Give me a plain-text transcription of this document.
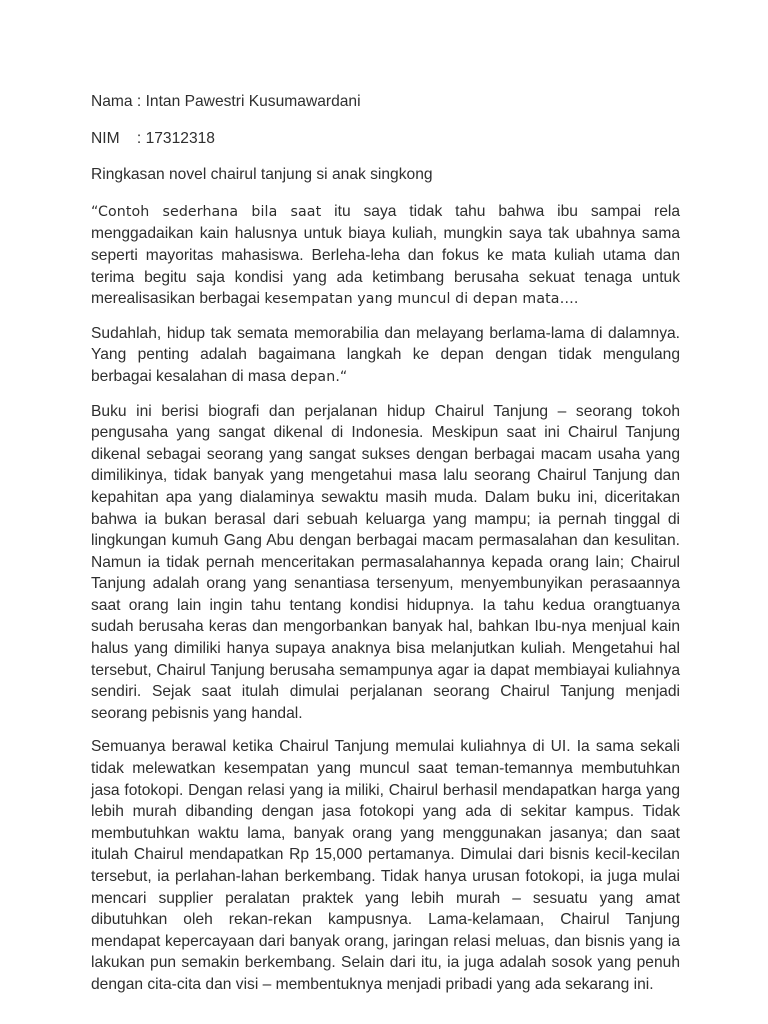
Nama : Intan Pawestri Kusumawardani
NIM    : 17312318
Ringkasan novel chairul tanjung si anak singkong

“Contoh sederhana bila saat itu saya tidak tahu bahwa ibu sampai rela menggadaikan kain halusnya untuk biaya kuliah, mungkin saya tak ubahnya sama seperti mayoritas mahasiswa. Berleha-leha dan fokus ke mata kuliah utama dan terima begitu saja kondisi yang ada ketimbang berusaha sekuat tenaga untuk merealisasikan berbagai kesempatan yang muncul di depan mata….

Sudahlah, hidup tak semata memorabilia dan melayang berlama-lama di dalamnya. Yang penting adalah bagaimana langkah ke depan dengan tidak mengulang berbagai kesalahan di masa depan.“

Buku ini berisi biografi dan perjalanan hidup Chairul Tanjung – seorang tokoh pengusaha yang sangat dikenal di Indonesia. Meskipun saat ini Chairul Tanjung dikenal sebagai seorang yang sangat sukses dengan berbagai macam usaha yang dimilikinya, tidak banyak yang mengetahui masa lalu seorang Chairul Tanjung dan kepahitan apa yang dialaminya sewaktu masih muda. Dalam buku ini, diceritakan bahwa ia bukan berasal dari sebuah keluarga yang mampu; ia pernah tinggal di lingkungan kumuh Gang Abu dengan berbagai macam permasalahan dan kesulitan. Namun ia tidak pernah menceritakan permasalahannya kepada orang lain; Chairul Tanjung adalah orang yang senantiasa tersenyum, menyembunyikan perasaannya saat orang lain ingin tahu tentang kondisi hidupnya. Ia tahu kedua orangtuanya sudah berusaha keras dan mengorbankan banyak hal, bahkan Ibu-nya menjual kain halus yang dimiliki hanya supaya anaknya bisa melanjutkan kuliah. Mengetahui hal tersebut, Chairul Tanjung berusaha semampunya agar ia dapat membiayai kuliahnya sendiri. Sejak saat itulah dimulai perjalanan seorang Chairul Tanjung menjadi seorang pebisnis yang handal.

Semuanya berawal ketika Chairul Tanjung memulai kuliahnya di UI. Ia sama sekali tidak melewatkan kesempatan yang muncul saat teman-temannya membutuhkan jasa fotokopi. Dengan relasi yang ia miliki, Chairul berhasil mendapatkan harga yang lebih murah dibanding dengan jasa fotokopi yang ada di sekitar kampus. Tidak membutuhkan waktu lama, banyak orang yang menggunakan jasanya; dan saat itulah Chairul mendapatkan Rp 15,000 pertamanya. Dimulai dari bisnis kecil-kecilan tersebut, ia perlahan-lahan berkembang. Tidak hanya urusan fotokopi, ia juga mulai mencari supplier peralatan praktek yang lebih murah – sesuatu yang amat dibutuhkan oleh rekan-rekan kampusnya. Lama-kelamaan, Chairul Tanjung mendapat kepercayaan dari banyak orang, jaringan relasi meluas, dan bisnis yang ia lakukan pun semakin berkembang. Selain dari itu, ia juga adalah sosok yang penuh dengan cita-cita dan visi – membentuknya menjadi pribadi yang ada sekarang ini.
